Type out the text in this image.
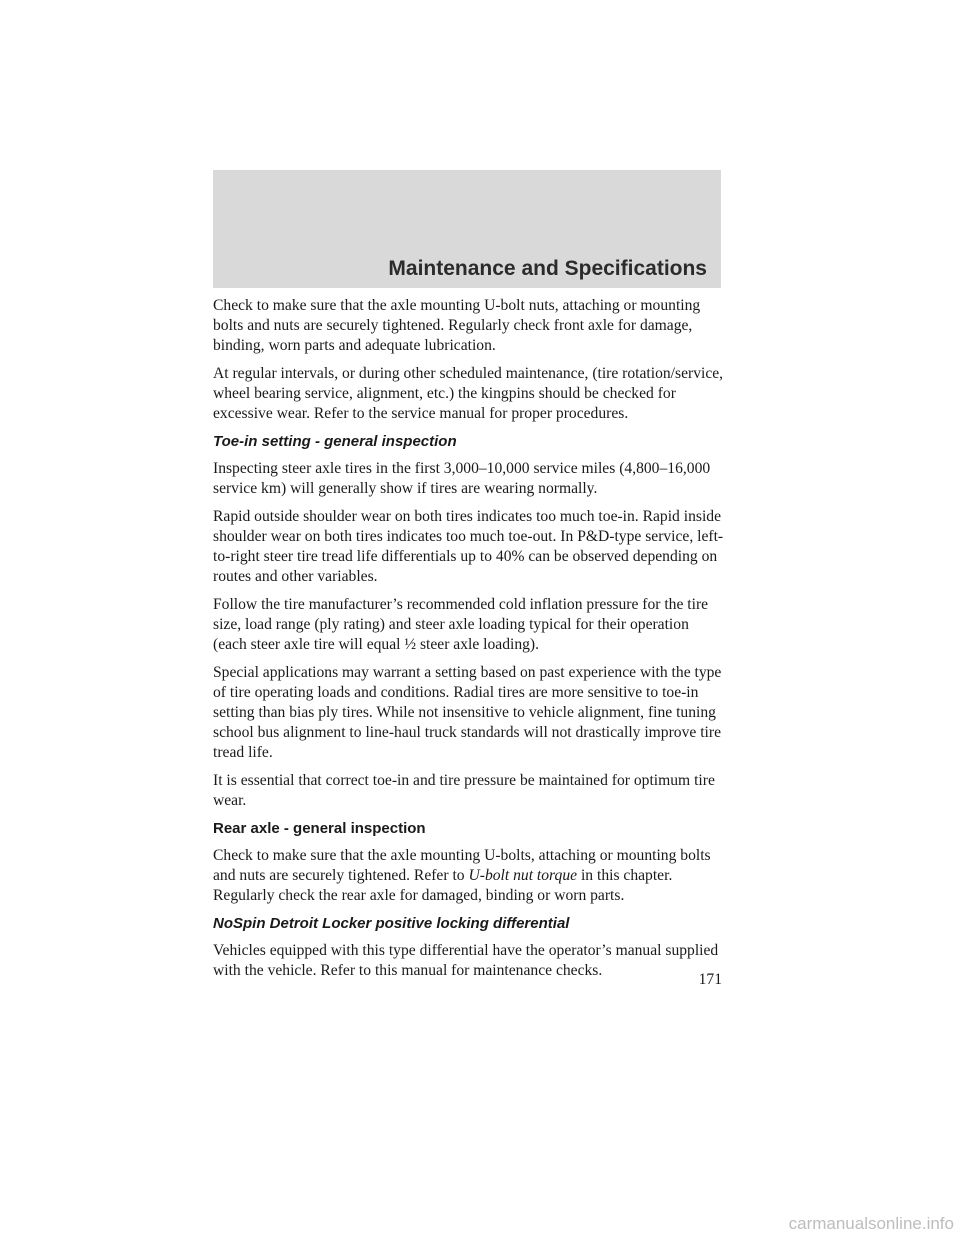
Maintenance and Specifications

Check to make sure that the axle mounting U-bolt nuts, attaching or mounting bolts and nuts are securely tightened. Regularly check front axle for damage, binding, worn parts and adequate lubrication.

At regular intervals, or during other scheduled maintenance, (tire rotation/service, wheel bearing service, alignment, etc.) the kingpins should be checked for excessive wear. Refer to the service manual for proper procedures.

Toe-in setting - general inspection

Inspecting steer axle tires in the first 3,000–10,000 service miles (4,800–16,000 service km) will generally show if tires are wearing normally.

Rapid outside shoulder wear on both tires indicates too much toe-in. Rapid inside shoulder wear on both tires indicates too much toe-out. In P&D-type service, left-to-right steer tire tread life differentials up to 40% can be observed depending on routes and other variables.

Follow the tire manufacturer’s recommended cold inflation pressure for the tire size, load range (ply rating) and steer axle loading typical for their operation (each steer axle tire will equal ½ steer axle loading).

Special applications may warrant a setting based on past experience with the type of tire operating loads and conditions. Radial tires are more sensitive to toe-in setting than bias ply tires. While not insensitive to vehicle alignment, fine tuning school bus alignment to line-haul truck standards will not drastically improve tire tread life.

It is essential that correct toe-in and tire pressure be maintained for optimum tire wear.

Rear axle - general inspection

Check to make sure that the axle mounting U-bolts, attaching or mounting bolts and nuts are securely tightened. Refer to U-bolt nut torque in this chapter. Regularly check the rear axle for damaged, binding or worn parts.

NoSpin Detroit Locker positive locking differential

Vehicles equipped with this type differential have the operator’s manual supplied with the vehicle. Refer to this manual for maintenance checks.

171

carmanualsonline.info
